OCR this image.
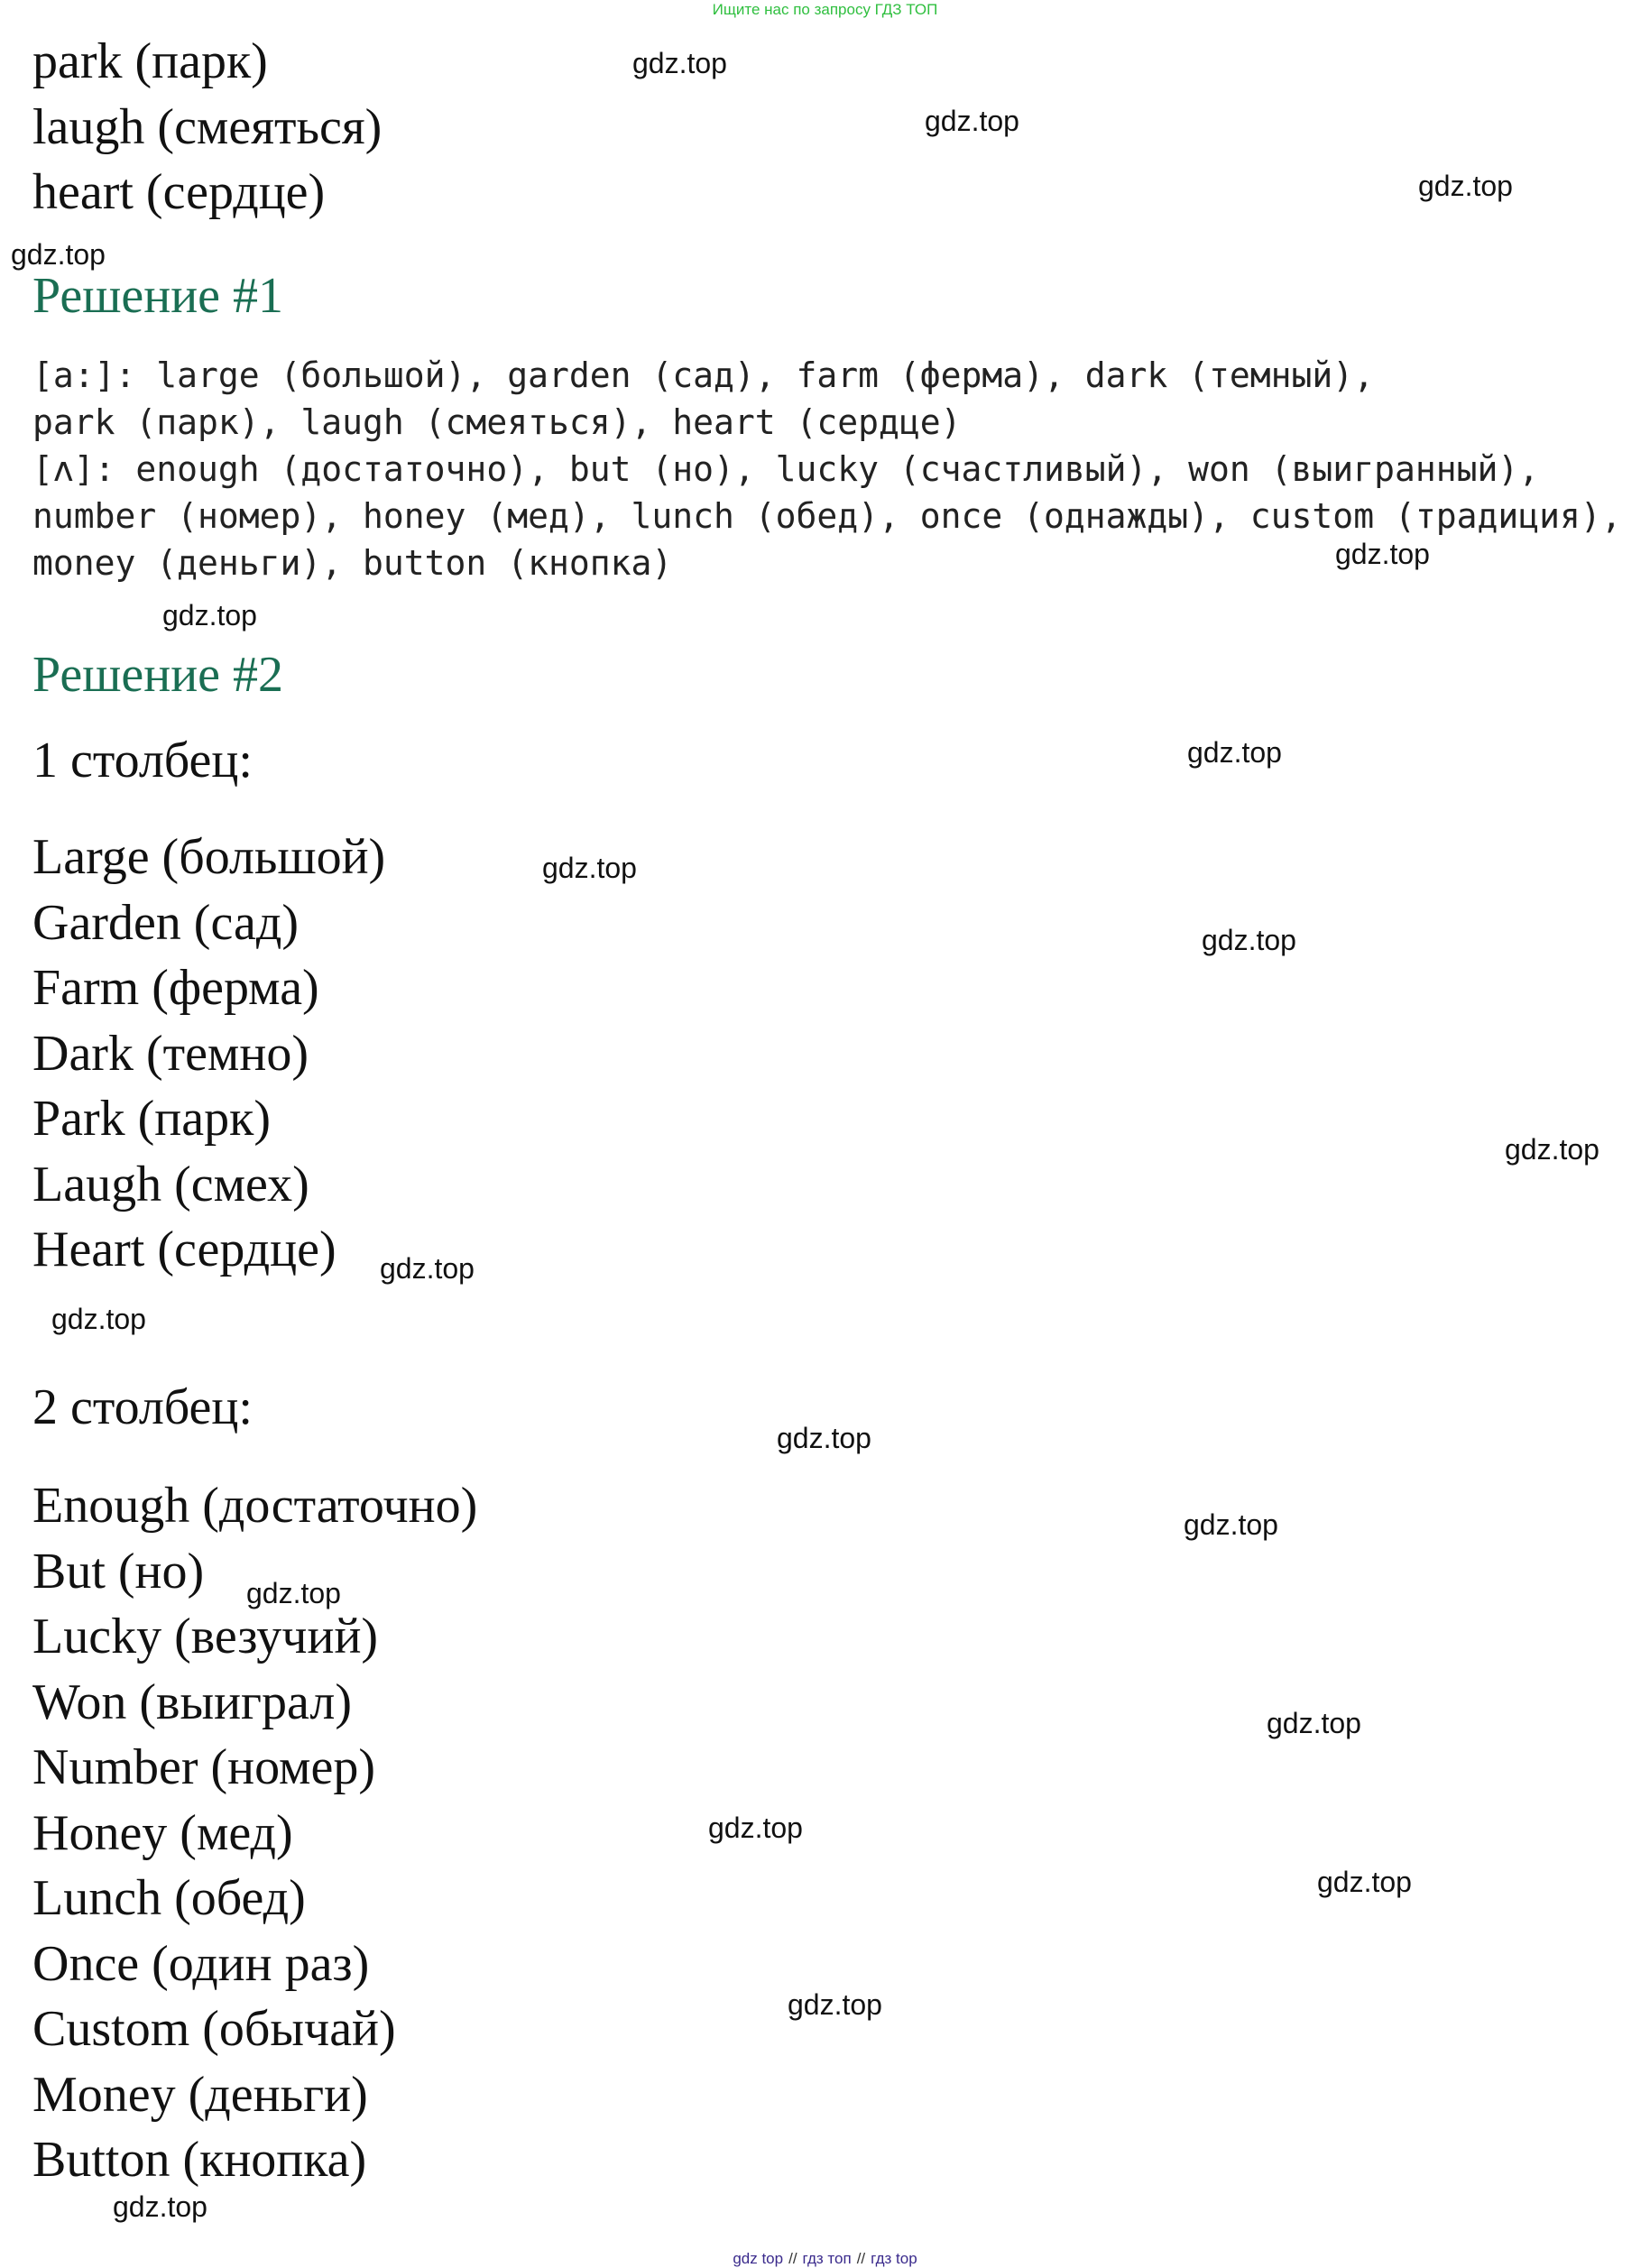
Ищите нас по запросу ГДЗ ТОП
park (парк)
laugh (смеяться)
heart (сердце)
Решение #1
[a:]: large (большой), garden (сад), farm (ферма), dark (темный),
park (парк), laugh (смеяться), heart (сердце)
[ʌ]: enough (достаточно), but (но), lucky (счастливый), won (выигранный),
number (номер), honey (мед), lunch (обед), once (однажды), custom (традиция),
money (деньги), button (кнопка)
Решение #2
1 столбец:
Large (большой)
Garden (сад)
Farm (ферма)
Dark (темно)
Park (парк)
Laugh (смех)
Heart (сердце)
2 столбец:
Enough (достаточно)
But (но)
Lucky (везучий)
Won (выиграл)
Number (номер)
Honey (мед)
Lunch (обед)
Once (один раз)
Custom (обычай)
Money (деньги)
Button (кнопка)
gdz.top
gdz.top
gdz.top
gdz.top
gdz.top
gdz.top
gdz.top
gdz.top
gdz.top
gdz.top
gdz.top
gdz.top
gdz.top
gdz.top
gdz.top
gdz.top
gdz.top
gdz.top
gdz.top
gdz.top
gdz top // гдз топ // гдз top
